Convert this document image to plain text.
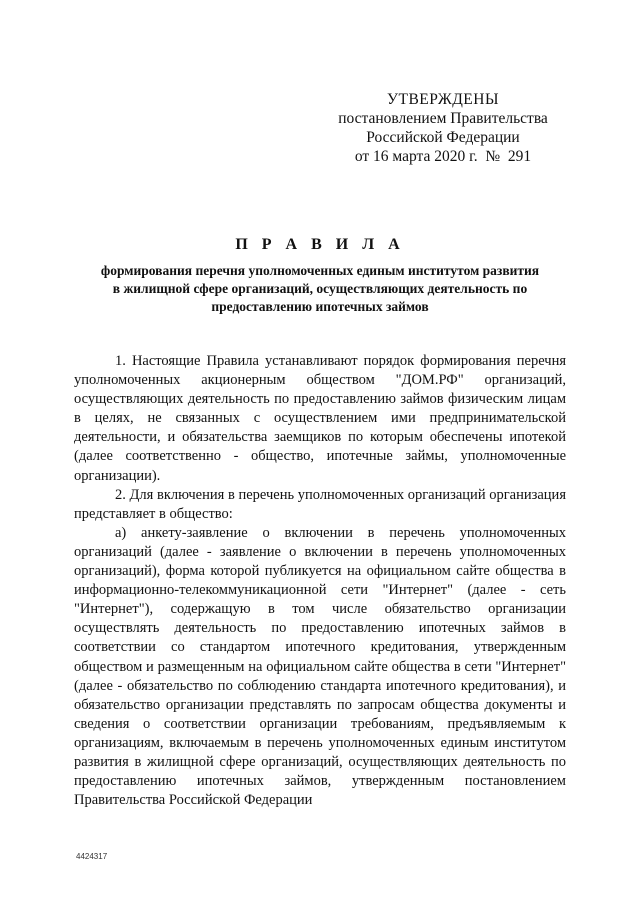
УТВЕРЖДЕНЫ
постановлением Правительства
Российской Федерации
от 16 марта 2020 г.  №  291
П Р А В И Л А
формирования перечня уполномоченных единым институтом развития в жилищной сфере организаций, осуществляющих деятельность по предоставлению ипотечных займов

1. Настоящие Правила устанавливают порядок формирования перечня уполномоченных акционерным обществом "ДОМ.РФ" организаций, осуществляющих деятельность по предоставлению займов физическим лицам в целях, не связанных с осуществлением ими предпринимательской деятельности, и обязательства заемщиков по которым обеспечены ипотекой (далее соответственно - общество, ипотечные займы, уполномоченные организации).

2. Для включения в перечень уполномоченных организаций организация представляет в общество:

а) анкету-заявление о включении в перечень уполномоченных организаций (далее - заявление о включении в перечень уполномоченных организаций), форма которой публикуется на официальном сайте общества в информационно-телекоммуникационной сети "Интернет" (далее - сеть "Интернет"), содержащую в том числе обязательство организации осуществлять деятельность по предоставлению ипотечных займов в соответствии со стандартом ипотечного кредитования, утвержденным обществом и размещенным на официальном сайте общества в сети "Интернет" (далее - обязательство по соблюдению стандарта ипотечного кредитования), и обязательство организации представлять по запросам общества документы и сведения о соответствии организации требованиям, предъявляемым к организациям, включаемым в перечень уполномоченных единым институтом развития в жилищной сфере организаций, осуществляющих деятельность по предоставлению ипотечных займов, утвержденным постановлением Правительства Российской Федерации

4424317
